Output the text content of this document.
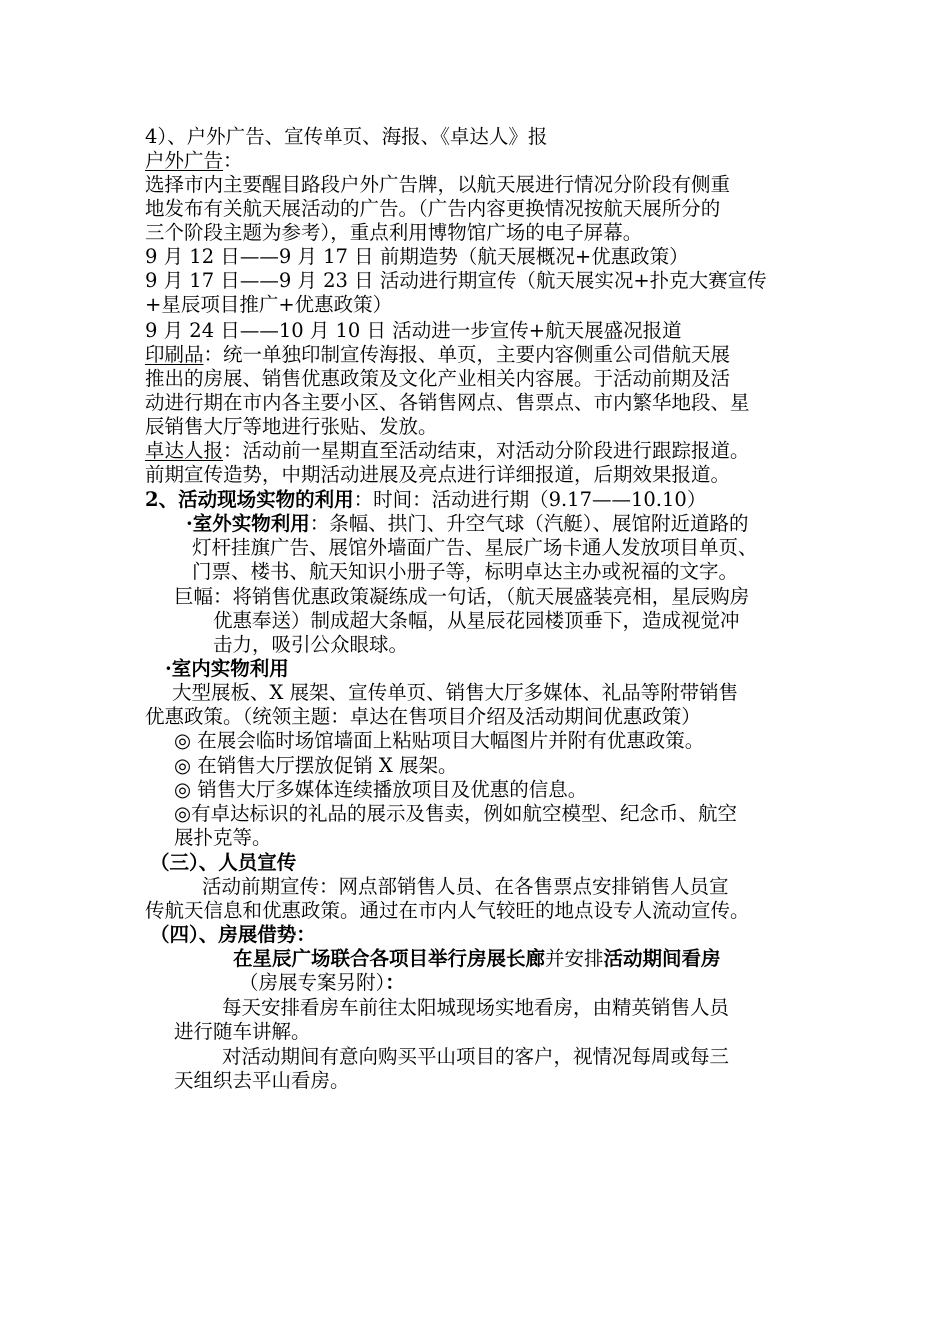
4）、户外广告、宣传单页、海报、《卓达人》报
户外广告：
选择市内主要醒目路段户外广告牌，以航天展进行情况分阶段有侧重
地发布有关航天展活动的广告。（广告内容更换情况按航天展所分的
三个阶段主题为参考），重点利用博物馆广场的电子屏幕。
9 月 12 日——9 月 17 日 前期造势（航天展概况+优惠政策）
9 月 17 日——9 月 23 日 活动进行期宣传（航天展实况+扑克大赛宣传
+星辰项目推广+优惠政策）
9 月 24 日——10 月 10 日 活动进一步宣传+航天展盛况报道
印刷品：统一单独印制宣传海报、单页，主要内容侧重公司借航天展
推出的房展、销售优惠政策及文化产业相关内容展。于活动前期及活
动进行期在市内各主要小区、各销售网点、售票点、市内繁华地段、星
辰销售大厅等地进行张贴、发放。
卓达人报：活动前一星期直至活动结束，对活动分阶段进行跟踪报道。
前期宣传造势，中期活动进展及亮点进行详细报道，后期效果报道。
2、活动现场实物的利用：时间：活动进行期（9.17——10.10）
·室外实物利用：条幅、拱门、升空气球（汽艇）、展馆附近道路的
灯杆挂旗广告、展馆外墙面广告、星辰广场卡通人发放项目单页、
门票、楼书、航天知识小册子等，标明卓达主办或祝福的文字。
巨幅：将销售优惠政策凝练成一句话，（航天展盛装亮相，星辰购房
优惠奉送）制成超大条幅，从星辰花园楼顶垂下，造成视觉冲
击力，吸引公众眼球。
·室内实物利用
大型展板、X 展架、宣传单页、销售大厅多媒体、礼品等附带销售
优惠政策。（统领主题：卓达在售项目介绍及活动期间优惠政策）
◎ 在展会临时场馆墙面上粘贴项目大幅图片并附有优惠政策。
◎ 在销售大厅摆放促销 X 展架。
◎ 销售大厅多媒体连续播放项目及优惠的信息。
◎有卓达标识的礼品的展示及售卖，例如航空模型、纪念币、航空
展扑克等。
（三）、人员宣传
活动前期宣传：网点部销售人员、在各售票点安排销售人员宣
传航天信息和优惠政策。通过在市内人气较旺的地点设专人流动宣传。
（四）、房展借势：
在星辰广场联合各项目举行房展长廊并安排活动期间看房
（房展专案另附）：
每天安排看房车前往太阳城现场实地看房，由精英销售人员
进行随车讲解。
对活动期间有意向购买平山项目的客户，视情况每周或每三
天组织去平山看房。
